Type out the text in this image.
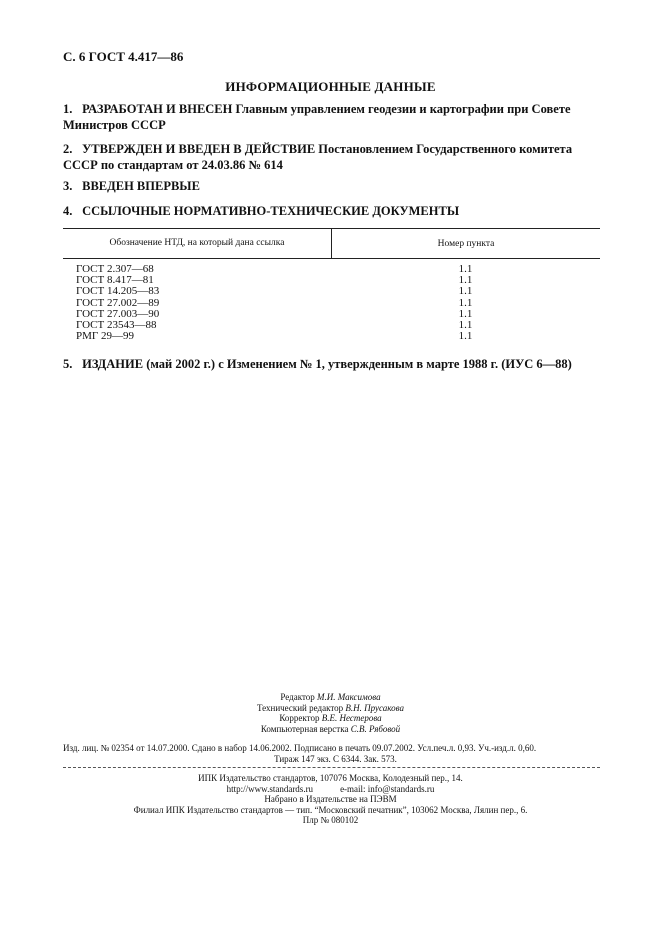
С. 6 ГОСТ 4.417—86
ИНФОРМАЦИОННЫЕ ДАННЫЕ
1. РАЗРАБОТАН И ВНЕСЕН Главным управлением геодезии и картографии при Совете Министров СССР
2. УТВЕРЖДЕН И ВВЕДЕН В ДЕЙСТВИЕ Постановлением Государственного комитета СССР по стандартам от 24.03.86 № 614
3. ВВЕДЕН ВПЕРВЫЕ
4. ССЫЛОЧНЫЕ НОРМАТИВНО-ТЕХНИЧЕСКИЕ ДОКУМЕНТЫ
Обозначение НТД, на который дана ссылка	Номер пункта
ГОСТ 2.307—68	1.1
ГОСТ 8.417—81	1.1
ГОСТ 14.205—83	1.1
ГОСТ 27.002—89	1.1
ГОСТ 27.003—90	1.1
ГОСТ 23543—88	1.1
РМГ 29—99	1.1
5. ИЗДАНИЕ (май 2002 г.) с Изменением № 1, утвержденным в марте 1988 г. (ИУС 6—88)
Редактор М.И. Максимова
Технический редактор В.Н. Прусакова
Корректор В.Е. Нестерова
Компьютерная верстка С.В. Рябовой
Изд. лиц. № 02354 от 14.07.2000. Сдано в набор 14.06.2002. Подписано в печать 09.07.2002. Усл.печ.л. 0,93. Уч.-изд.л. 0,60.
Тираж 147 экз. С 6344. Зак. 573.
ИПК Издательство стандартов, 107076 Москва, Колодезный пер., 14.
http://www.standards.ru	e-mail: info@standards.ru
Набрано в Издательстве на ПЭВМ
Филиал ИПК Издательство стандартов — тип. “Московский печатник”, 103062 Москва, Лялин пер., 6.
Плр № 080102
